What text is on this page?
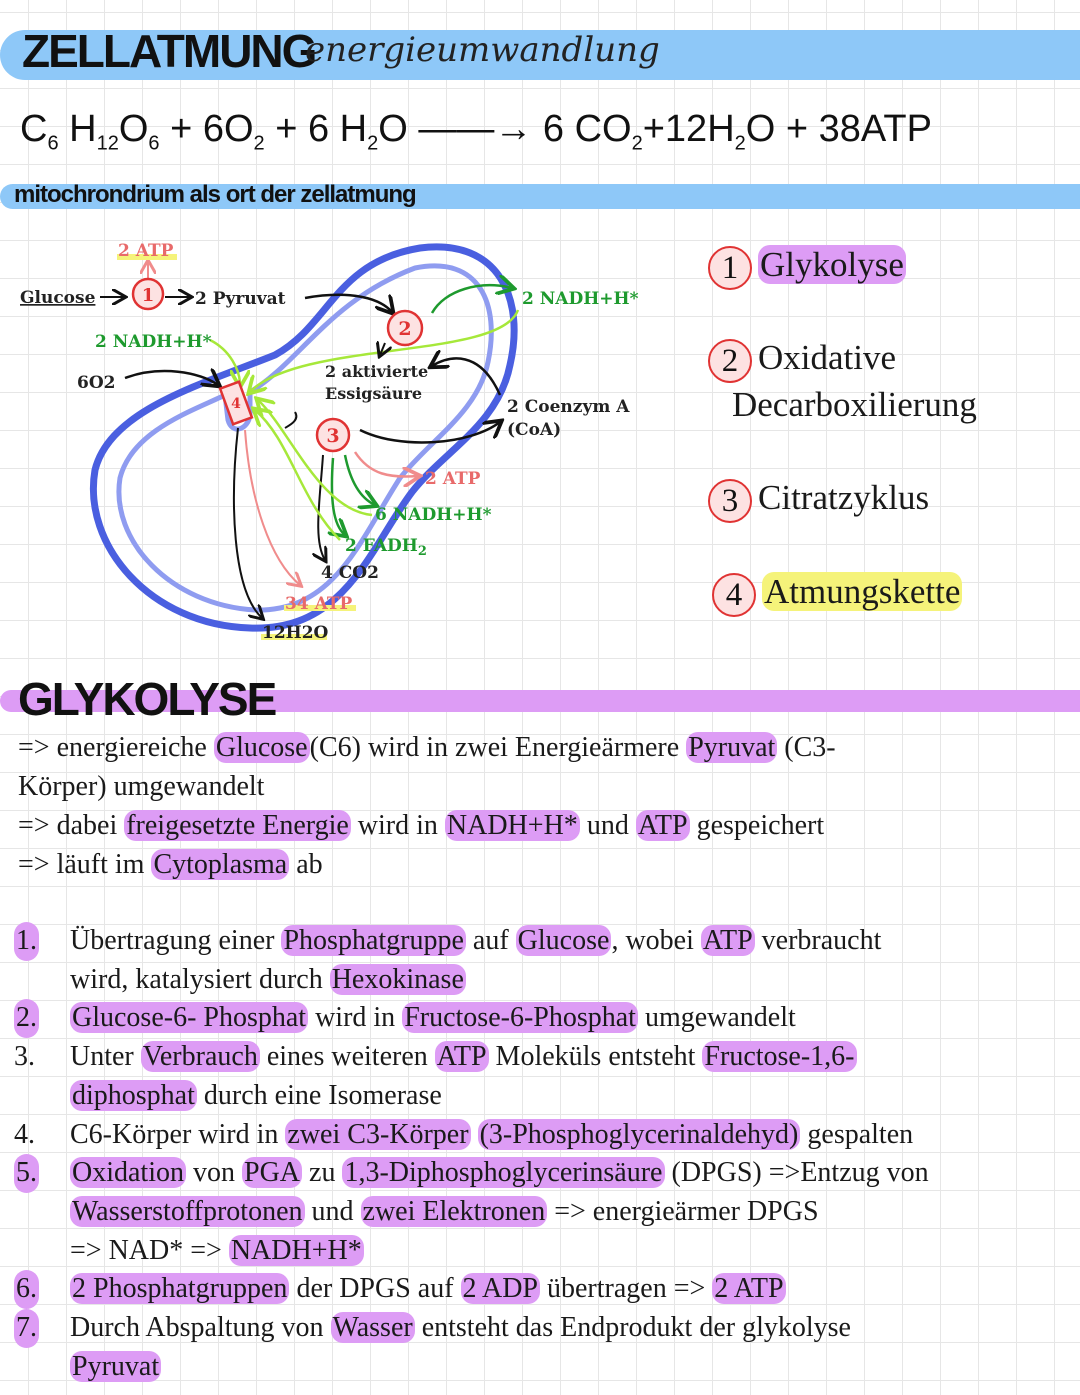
ZELLATMUNG
energieumwandlung
$C_6$ $H_{12}O_6 + 6O_2 + 6$ $H_2O$ ——→ 6 $CO_2+12H_2O + 38ATP$
mitochrondrium als ort der zellatmung
1
2
3
4
Glucose
2 ATP
2 Pyruvat	2 NADH+H*
2 NADH+H*
6O2
2 aktivierte
Essigsäure
2 Coenzym A
(CoA)
2 ATP
6 NADH+H*
2 $FADH_2$
4 CO2
34 ATP
12H2O
1 Glykolyse
2 Oxidative
Decarboxilierung
3 Citratzyklus
4 Atmungskette
GLYKOLYSE
=> energiereiche Glucose(C6) wird in zwei Energieärmere Pyruvat (C3-
Körper) umgewandelt
=> dabei freigesetzte Energie wird in NADH+H* und ATP gespeichert
=> läuft im Cytoplasma ab
1. Übertragung einer Phosphatgruppe auf Glucose, wobei ATP verbraucht
wird, katalysiert durch Hexokinase
2. Glucose-6- Phosphat wird in Fructose-6-Phosphat umgewandelt
3. Unter Verbrauch eines weiteren ATP Moleküls entsteht Fructose-1,6-
diphosphat durch eine Isomerase
4. C6-Körper wird in zwei C3-Körper (3-Phosphoglycerinaldehyd) gespalten
5. Oxidation von PGA zu 1,3-Diphosphoglycerinsäure (DPGS) =>Entzug von
Wasserstoffprotonen und zwei Elektronen => energieärmer DPGS
=> NAD* => NADH+H*
6. 2 Phosphatgruppen der DPGS auf 2 ADP übertragen => 2 ATP
7. Durch Abspaltung von Wasser entsteht das Endprodukt der glykolyse
Pyruvat
